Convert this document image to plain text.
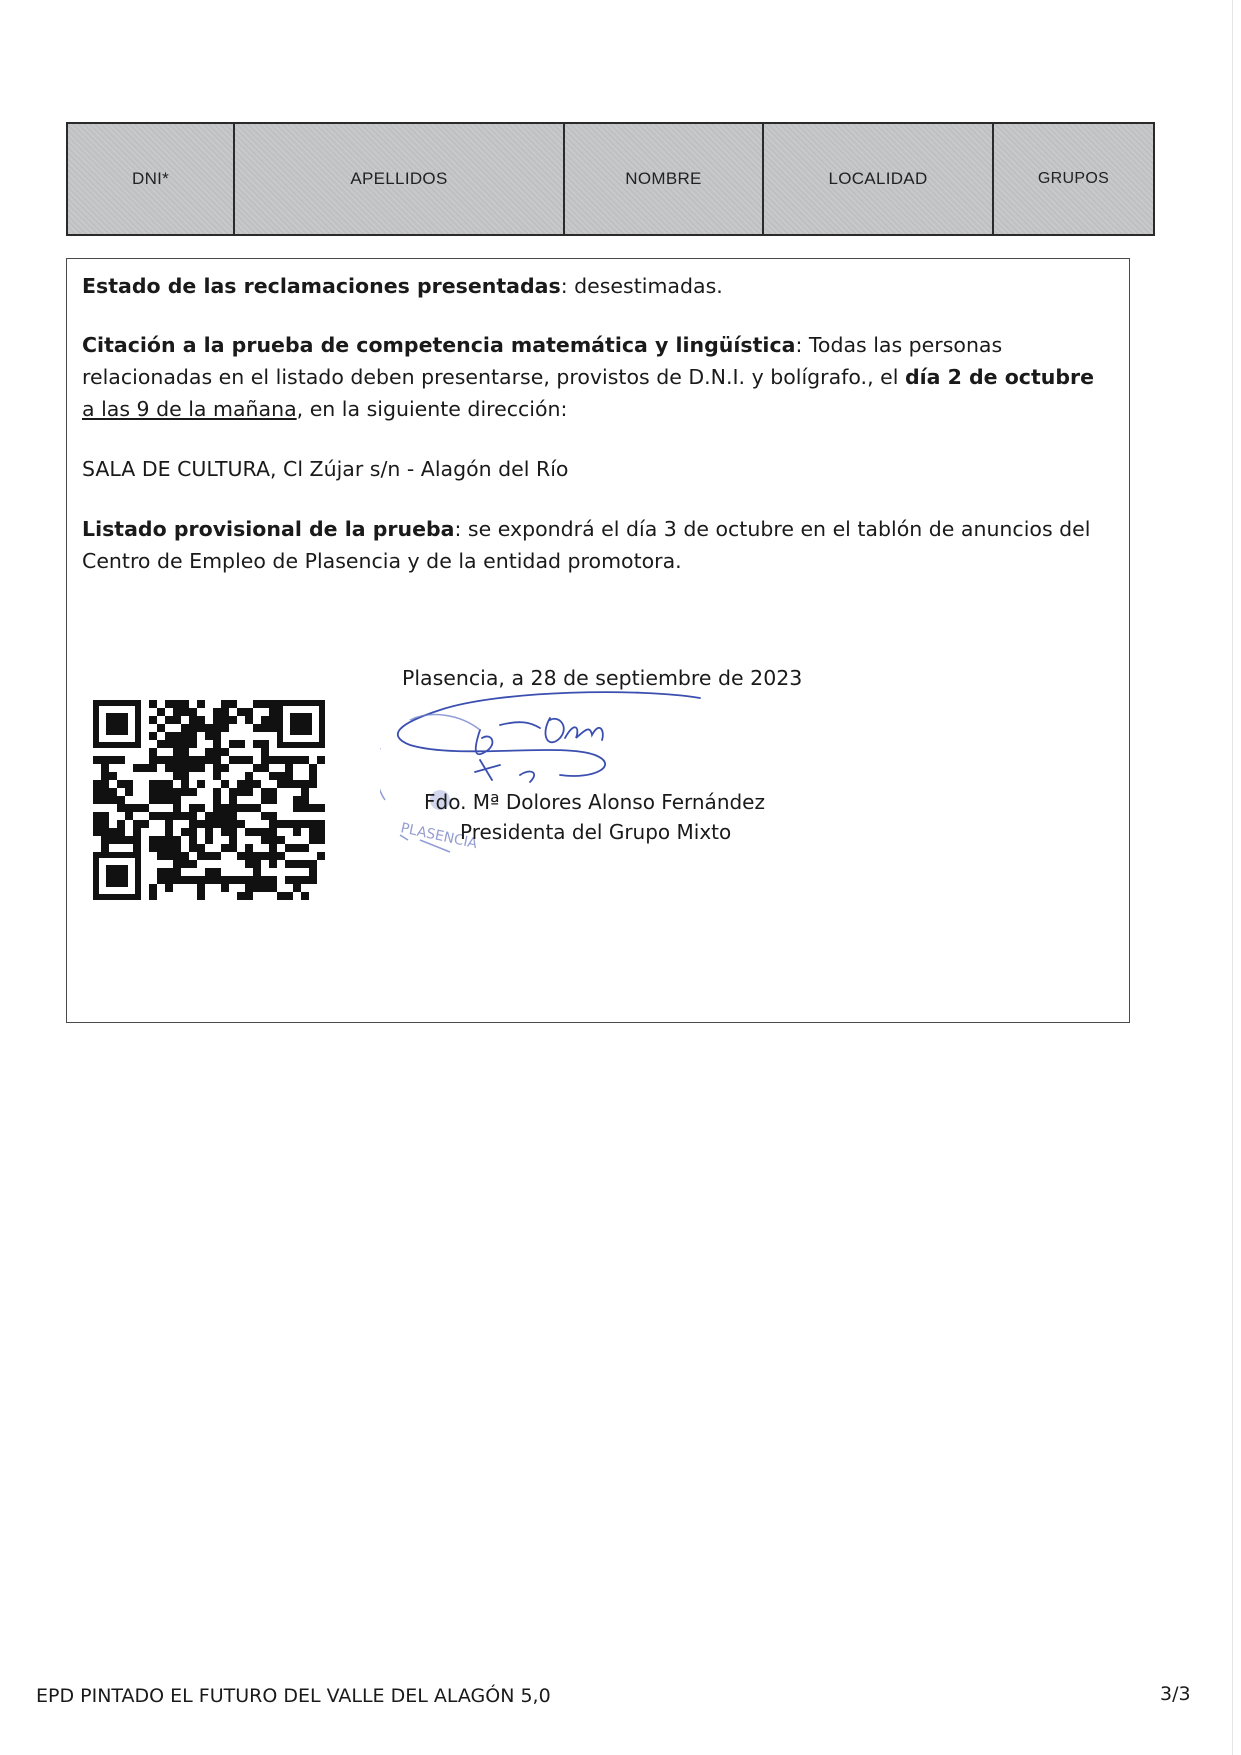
DNI*	APELLIDOS	NOMBRE	LOCALIDAD	GRUPOS
Estado de las reclamaciones presentadas: desestimadas.
Citación a la prueba de competencia matemática y lingüística: Todas las personas relacionadas en el listado deben presentarse, provistos de D.N.I. y bolígrafo., el día 2 de octubre a las 9 de la mañana, en la siguiente dirección:
SALA DE CULTURA, Cl Zújar s/n - Alagón del Río
Listado provisional de la prueba: se expondrá el día 3 de octubre en el tablón de anuncios del Centro de Empleo de Plasencia y de la entidad promotora.
Plasencia, a 28 de septiembre de 2023
PLASENCIA
Fdo. Mª Dolores Alonso Fernández
Presidenta del Grupo Mixto
EPD PINTADO EL FUTURO DEL VALLE DEL ALAGÓN 5,0	3/3
